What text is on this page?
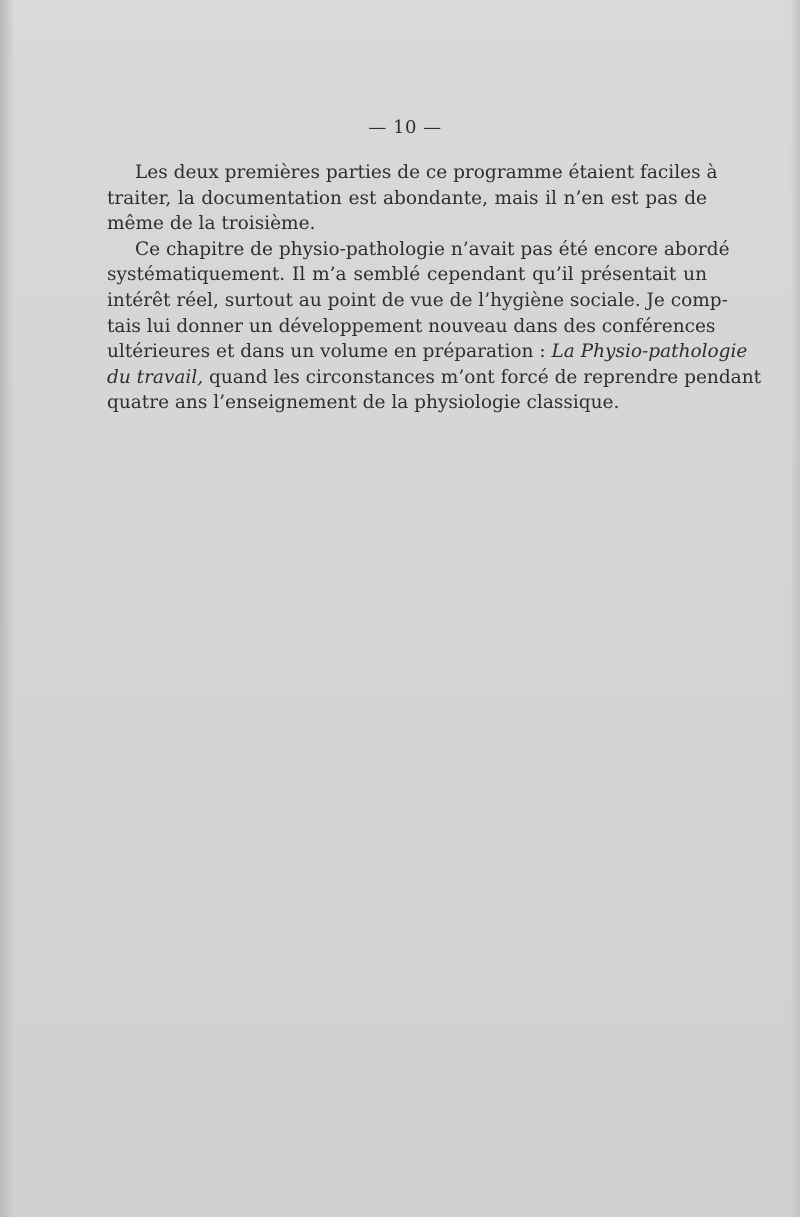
— 10 —
Les deux premières parties de ce programme étaient faciles à
traiter, la documentation est abondante, mais il n’en est pas de
même de la troisième.
Ce chapitre de physio-pathologie n’avait pas été encore abordé
systématiquement. Il m’a semblé cependant qu’il présentait un
intérêt réel, surtout au point de vue de l’hygiène sociale. Je comp-
tais lui donner un développement nouveau dans des conférences
ultérieures et dans un volume en préparation : La Physio-pathologie
du travail, quand les circonstances m’ont forcé de reprendre pendant
quatre ans l’enseignement de la physiologie classique.
